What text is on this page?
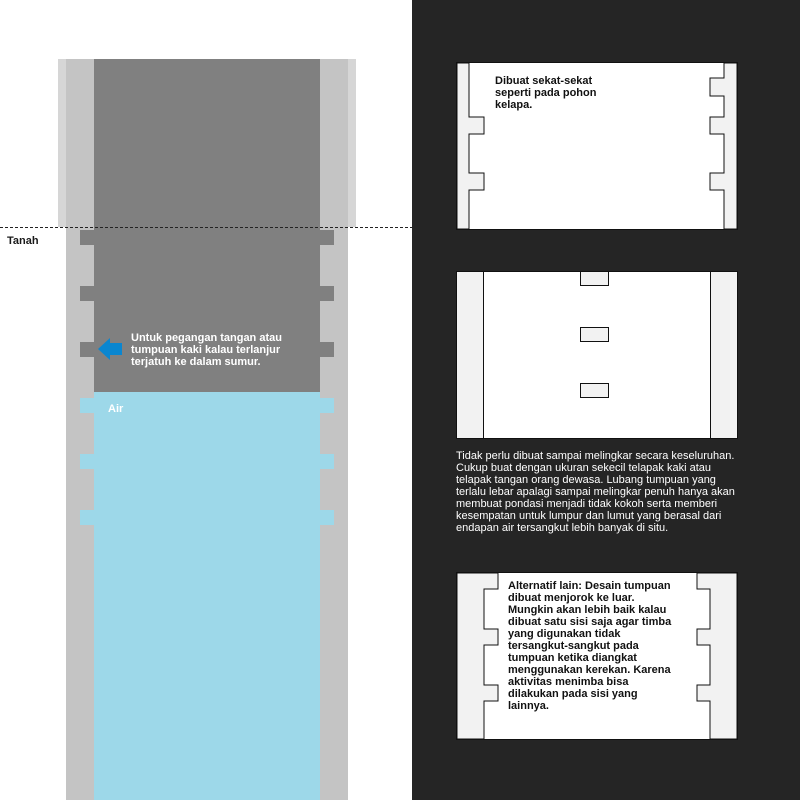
Tanah

Air

Untuk pegangan tangan atau tumpuan kaki kalau terlanjur terjatuh ke dalam sumur.

Dibuat sekat-sekat seperti pada pohon kelapa.

Tidak perlu dibuat sampai melingkar secara keseluruhan. Cukup buat dengan ukuran sekecil telapak kaki atau telapak tangan orang dewasa. Lubang tumpuan yang terlalu lebar apalagi sampai melingkar penuh hanya akan membuat pondasi menjadi tidak kokoh serta memberi kesempatan untuk lumpur dan lumut yang berasal dari endapan air tersangkut lebih banyak di situ.

Alternatif lain: Desain tumpuan dibuat menjorok ke luar. Mungkin akan lebih baik kalau dibuat satu sisi saja agar timba yang digunakan tidak tersangkut-sangkut pada tumpuan ketika diangkat menggunakan kerekan. Karena aktivitas menimba bisa dilakukan pada sisi yang lainnya.
